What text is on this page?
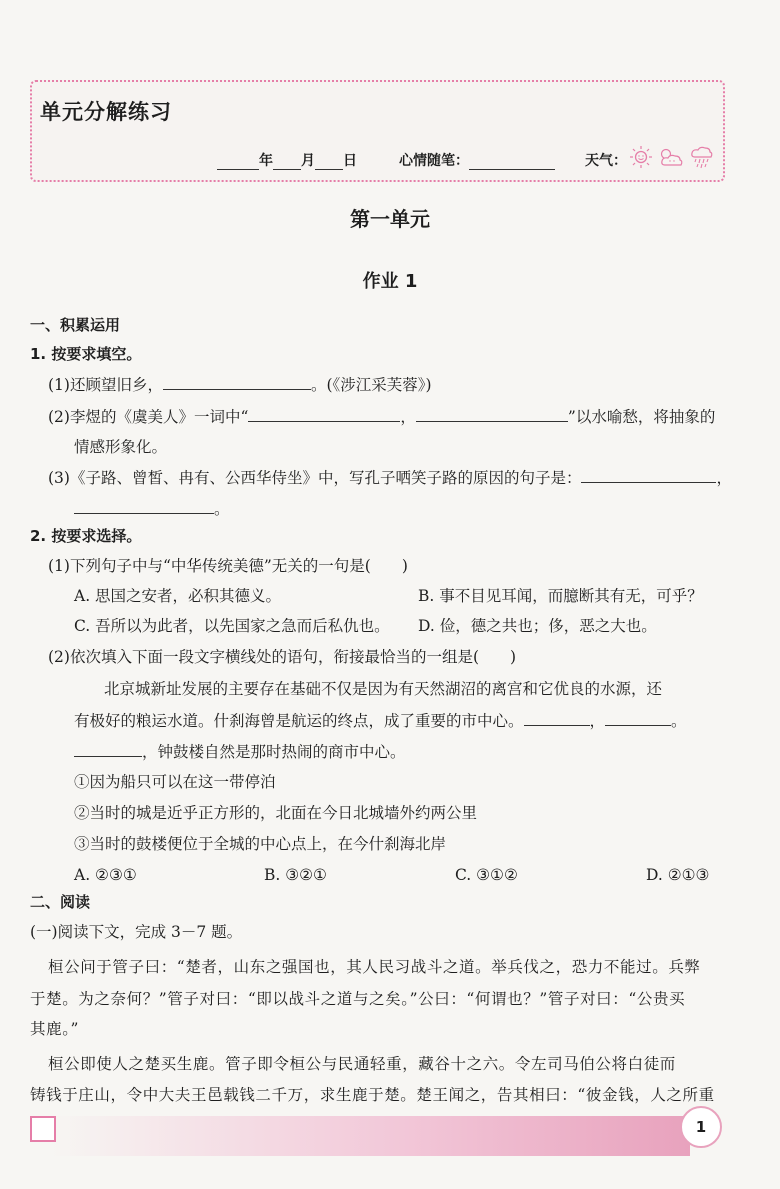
单元分解练习
年 月 日	心情随笔：	天气：
第一单元
作业 1
一、积累运用
1. 按要求填空。
(1)还顾望旧乡，	。(《涉江采芙蓉》)
(2)李煜的《虞美人》一词中“	，	”以水喻愁，将抽象的
情感形象化。
(3)《子路、曾皙、冉有、公西华侍坐》中，写孔子哂笑子路的原因的句子是：	，
。
2. 按要求选择。
(1)下列句子中与“中华传统美德”无关的一句是(　　)
A. 思国之安者，必积其德义。	B. 事不目见耳闻，而臆断其有无，可乎？
C. 吾所以为此者，以先国家之急而后私仇也。 D. 俭，德之共也；侈，恶之大也。
(2)依次填入下面一段文字横线处的语句，衔接最恰当的一组是(　　)
北京城新址发展的主要存在基础不仅是因为有天然湖沼的离宫和它优良的水源，还
有极好的粮运水道。什刹海曾是航运的终点，成了重要的市中心。	，	。
，钟鼓楼自然是那时热闹的商市中心。
①因为船只可以在这一带停泊
②当时的城是近乎正方形的，北面在今日北城墙外约两公里
③当时的鼓楼便位于全城的中心点上，在今什刹海北岸
A. ②③①	B. ③②①	C. ③①②	D. ②①③
二、阅读
(一)阅读下文，完成 3－7 题。
桓公问于管子曰：“楚者，山东之强国也，其人民习战斗之道。举兵伐之，恐力不能过。兵弊
于楚。为之奈何？”管子对曰：“即以战斗之道与之矣。”公曰：“何谓也？”管子对曰：“公贵买
其鹿。”
桓公即使人之楚买生鹿。管子即令桓公与民通轻重，藏谷十之六。令左司马伯公将白徒而
铸钱于庄山，令中大夫王邑载钱二千万，求生鹿于楚。楚王闻之，告其相曰：“彼金钱，人之所重
1
